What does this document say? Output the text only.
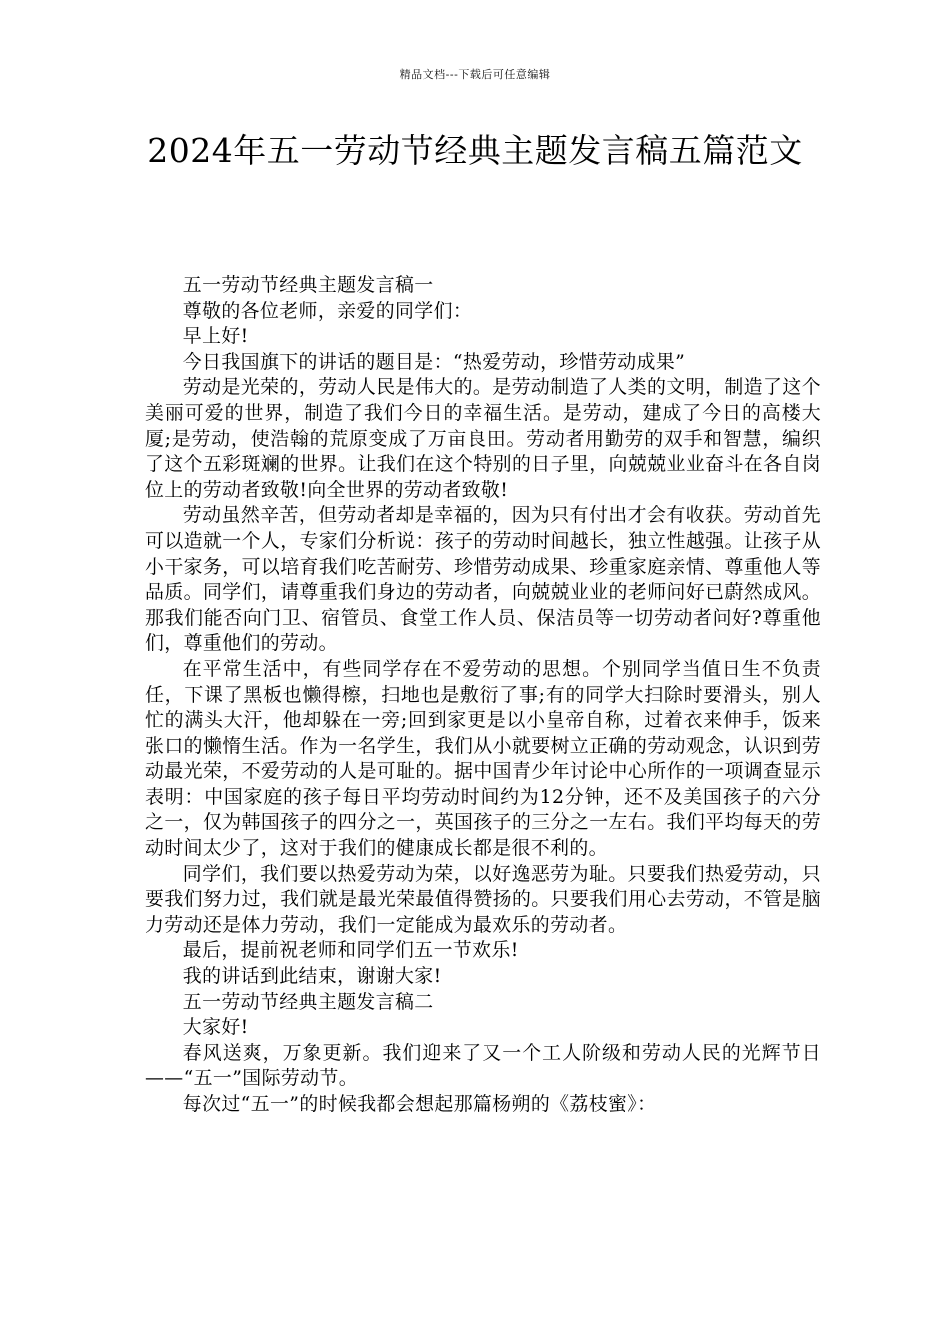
精品文档---下载后可任意编辑
2024年五一劳动节经典主题发言稿五篇范文

五一劳动节经典主题发言稿一

尊敬的各位老师，亲爱的同学们：

早上好!

今日我国旗下的讲话的题目是：“热爱劳动，珍惜劳动成果”

劳动是光荣的，劳动人民是伟大的。是劳动制造了人类的文明，制造了这个美丽可爱的世界，制造了我们今日的幸福生活。是劳动，建成了今日的高楼大厦;是劳动，使浩翰的荒原变成了万亩良田。劳动者用勤劳的双手和智慧，编织了这个五彩斑斓的世界。让我们在这个特别的日子里，向兢兢业业奋斗在各自岗位上的劳动者致敬!向全世界的劳动者致敬!

劳动虽然辛苦，但劳动者却是幸福的，因为只有付出才会有收获。劳动首先可以造就一个人，专家们分析说：孩子的劳动时间越长，独立性越强。让孩子从小干家务，可以培育我们吃苦耐劳、珍惜劳动成果、珍重家庭亲情、尊重他人等品质。同学们，请尊重我们身边的劳动者，向兢兢业业的老师问好已蔚然成风。那我们能否向门卫、宿管员、食堂工作人员、保洁员等一切劳动者问好?尊重他们，尊重他们的劳动。

在平常生活中，有些同学存在不爱劳动的思想。个别同学当值日生不负责任，下课了黑板也懒得檫，扫地也是敷衍了事;有的同学大扫除时要滑头，别人忙的满头大汗，他却躲在一旁;回到家更是以小皇帝自称，过着衣来伸手，饭来张口的懒惰生活。作为一名学生，我们从小就要树立正确的劳动观念，认识到劳动最光荣，不爱劳动的人是可耻的。据中国青少年讨论中心所作的一项调查显示表明：中国家庭的孩子每日平均劳动时间约为12分钟，还不及美国孩子的六分之一，仅为韩国孩子的四分之一，英国孩子的三分之一左右。我们平均每天的劳动时间太少了，这对于我们的健康成长都是很不利的。

同学们，我们要以热爱劳动为荣，以好逸恶劳为耻。只要我们热爱劳动，只要我们努力过，我们就是最光荣最值得赞扬的。只要我们用心去劳动，不管是脑力劳动还是体力劳动，我们一定能成为最欢乐的劳动者。

最后，提前祝老师和同学们五一节欢乐!

我的讲话到此结束，谢谢大家!

五一劳动节经典主题发言稿二

大家好!

春风送爽，万象更新。我们迎来了又一个工人阶级和劳动人民的光辉节日——“五一”国际劳动节。

每次过“五一”的时候我都会想起那篇杨朔的《荔枝蜜》：
